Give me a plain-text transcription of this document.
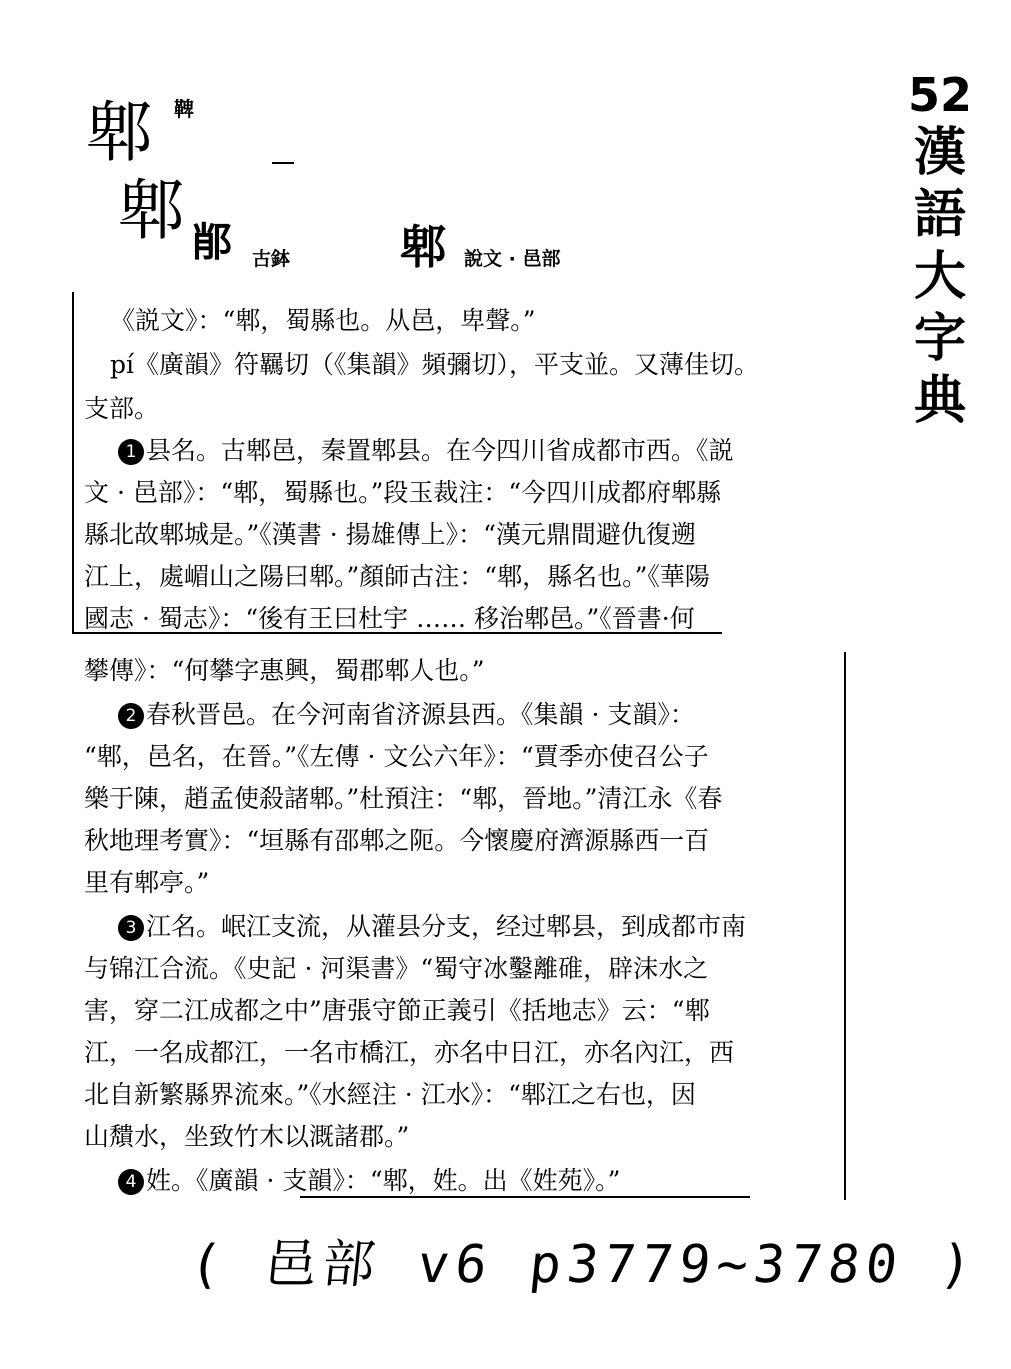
52
漢
語
大
字
典
郫 鞞
郫 𨛍 古鉢 郫 說文 · 邑部
《説文》：“郫，蜀縣也。从邑，卑聲。”
pí《廣韻》符羈切（《集韻》頻彌切），平支並。又薄佳切。
支部。
1 县名。古郫邑，秦置郫县。在今四川省成都市西。《説
文 · 邑部》：“郫，蜀縣也。”段玉裁注：“今四川成都府郫縣
縣北故郫城是。”《漢書 · 揚雄傳上》：“漢元鼎間避仇復遡
江上，處嵋山之陽曰郫。”顏師古注：“郫，縣名也。”《華陽
國志 · 蜀志》：“後有王曰杜宇 …… 移治郫邑。”《晉書·何
攀傳》：“何攀字惠興，蜀郡郫人也。”
2 春秋晋邑。在今河南省济源县西。《集韻 · 支韻》：
“郫，邑名，在晉。”《左傳 · 文公六年》：“賈季亦使召公子
樂于陳，趙孟使殺諸郫。”杜預注：“郫，晉地。”清江永《春
秋地理考實》：“垣縣有邵郫之阨。今懷慶府濟源縣西一百
里有郫亭。”
3 江名。岷江支流，从灌县分支，经过郫县，到成都市南
与锦江合流。《史記 · 河渠書》“蜀守冰鑿離碓，辟沫水之
害，穿二江成都之中”唐張守節正義引《括地志》云：“郫
江，一名成都江，一名市橋江，亦名中日江，亦名內江，西
北自新繁縣界流來。”《水經注 · 江水》：“郫江之右也，因
山穨水，坐致竹木以溉諸郡。”
4 姓。《廣韻 · 支韻》：“郫，姓。出《姓苑》。”
( 邑部 v6 p3779~3780 )
